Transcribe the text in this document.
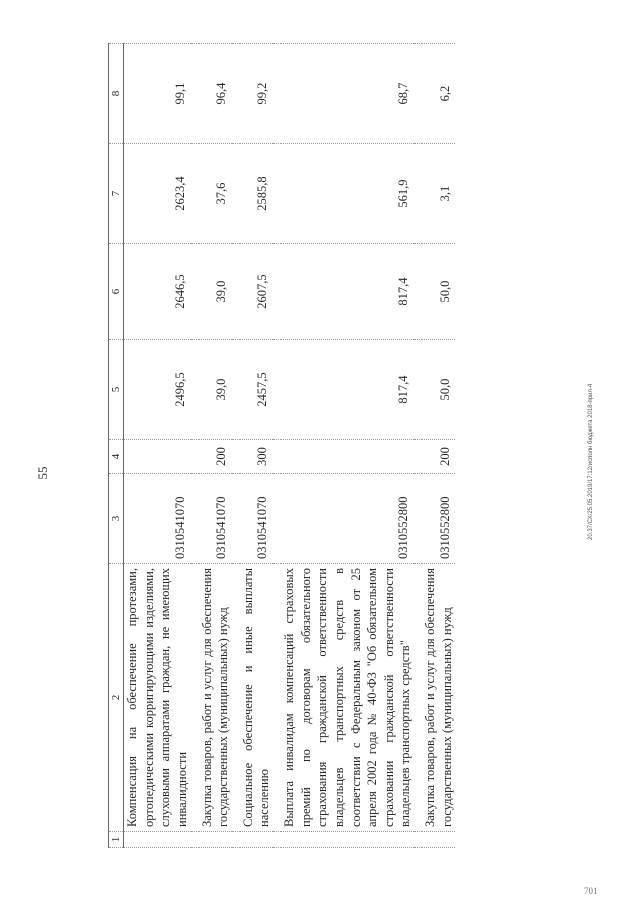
55
1	2	3	4	5	6	7	8
	Компенсация на обеспечение протезами, ортопедическими корригирующими изделиями, слуховыми аппаратами граждан, не имеющих инвалидности	0310541070		2496,5	2646,5	2623,4	99,1

	Закупка товаров, работ и услуг для обеспечения государственных (муниципальных) нужд	0310541070	200	39,0	39,0	37,6	96,4

	Социальное обеспечение и иные выплаты населению	0310541070	300	2457,5	2607,5	2585,8	99,2

	Выплата инвалидам компенсаций страховых премий по договорам обязательного страхования гражданской ответственности владельцев транспортных средств в соответствии с Федеральным законом от 25 апреля 2002 года № 40-ФЗ "Об обязательном страховании гражданской ответственности владельцев транспортных средств"	0310552800		817,4	817,4	561,9	68,7

	Закупка товаров, работ и услуг для обеспечения государственных (муниципальных) нужд	0310552800	200	50,0	50,0	3,1	6,2
20.37/СХ/25.05.2019/17:12/исполн бюджета 2018-прил-4
701
